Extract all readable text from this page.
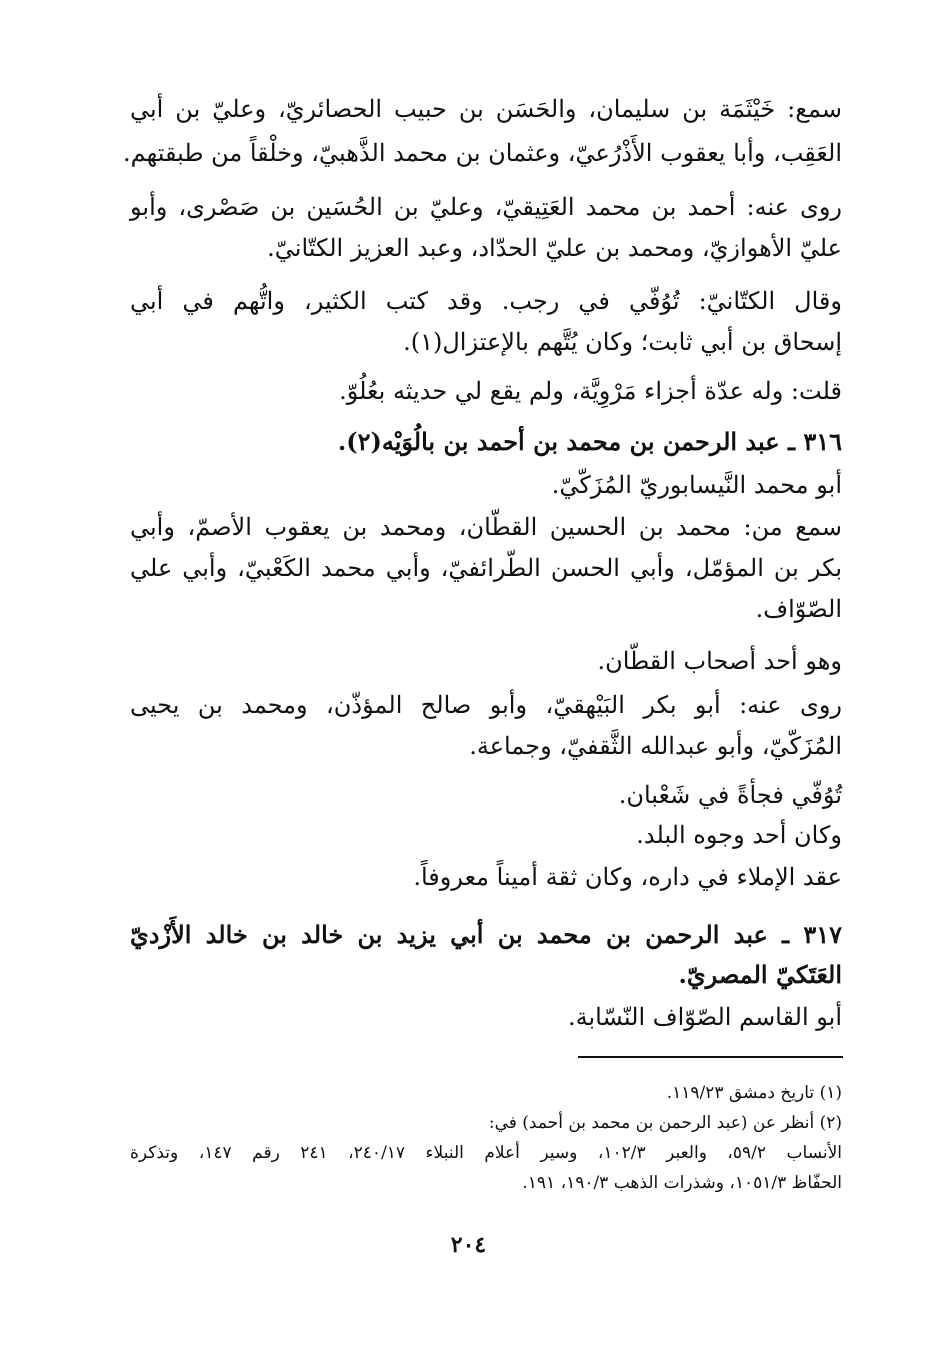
سمع: خَيْثَمَة بن سليمان، والحَسَن بن حبيب الحصائريّ، وعليّ بن أبي
العَقِب، وأبا يعقوب الأَذْرُعيّ، وعثمان بن محمد الذَّهبيّ، وخلْقاً من طبقتهم.
روى عنه: أحمد بن محمد العَتِيقيّ، وعليّ بن الحُسَين بن صَصْرى، وأبو
عليّ الأهوازيّ، ومحمد بن عليّ الحدّاد، وعبد العزيز الكتّانيّ.
وقال الكتّانيّ: تُوُفّي في رجب. وقد كتب الكثير، واتُّهم في أبي
إسحاق بن أبي ثابت؛ وكان يُتَّهم بالإعتزال(١).
قلت: وله عدّة أجزاء مَرْوِيَّة، ولم يقع لي حديثه بعُلُوّ.
٣١٦ ـ عبد الرحمن بن محمد بن أحمد بن بالُوَيْه(٢).
أبو محمد النَّيسابوريّ المُزَكّيّ.
سمع من: محمد بن الحسين القطّان، ومحمد بن يعقوب الأصمّ، وأبي
بكر بن المؤمّل، وأبي الحسن الطّرائفيّ، وأبي محمد الكَعْبيّ، وأبي علي
الصّوّاف.
وهو أحد أصحاب القطّان.
روى عنه: أبو بكر البَيْهقيّ، وأبو صالح المؤذّن، ومحمد بن يحيى
المُزَكّيّ، وأبو عبدالله الثَّقفيّ، وجماعة.
تُوُفّي فجأةً في شَعْبان.
وكان أحد وجوه البلد.
عقد الإملاء في داره، وكان ثقة أميناً معروفاً.
٣١٧ ـ عبد الرحمن بن محمد بن أبي يزيد بن خالد بن خالد الأَزْديّ
العَتَكيّ المصريّ.
أبو القاسم الصّوّاف النّسّابة.
(١) تاريخ دمشق ١١٩/٢٣.
(٢) أنظر عن (عبد الرحمن بن محمد بن أحمد) في:
الأنساب ٥٩/٢، والعبر ١٠٢/٣، وسير أعلام النبلاء ٢٤٠/١٧، ٢٤١ رقم ١٤٧، وتذكرة
الحفّاظ ١٠٥١/٣، وشذرات الذهب ١٩٠/٣، ١٩١.
٢٠٤
